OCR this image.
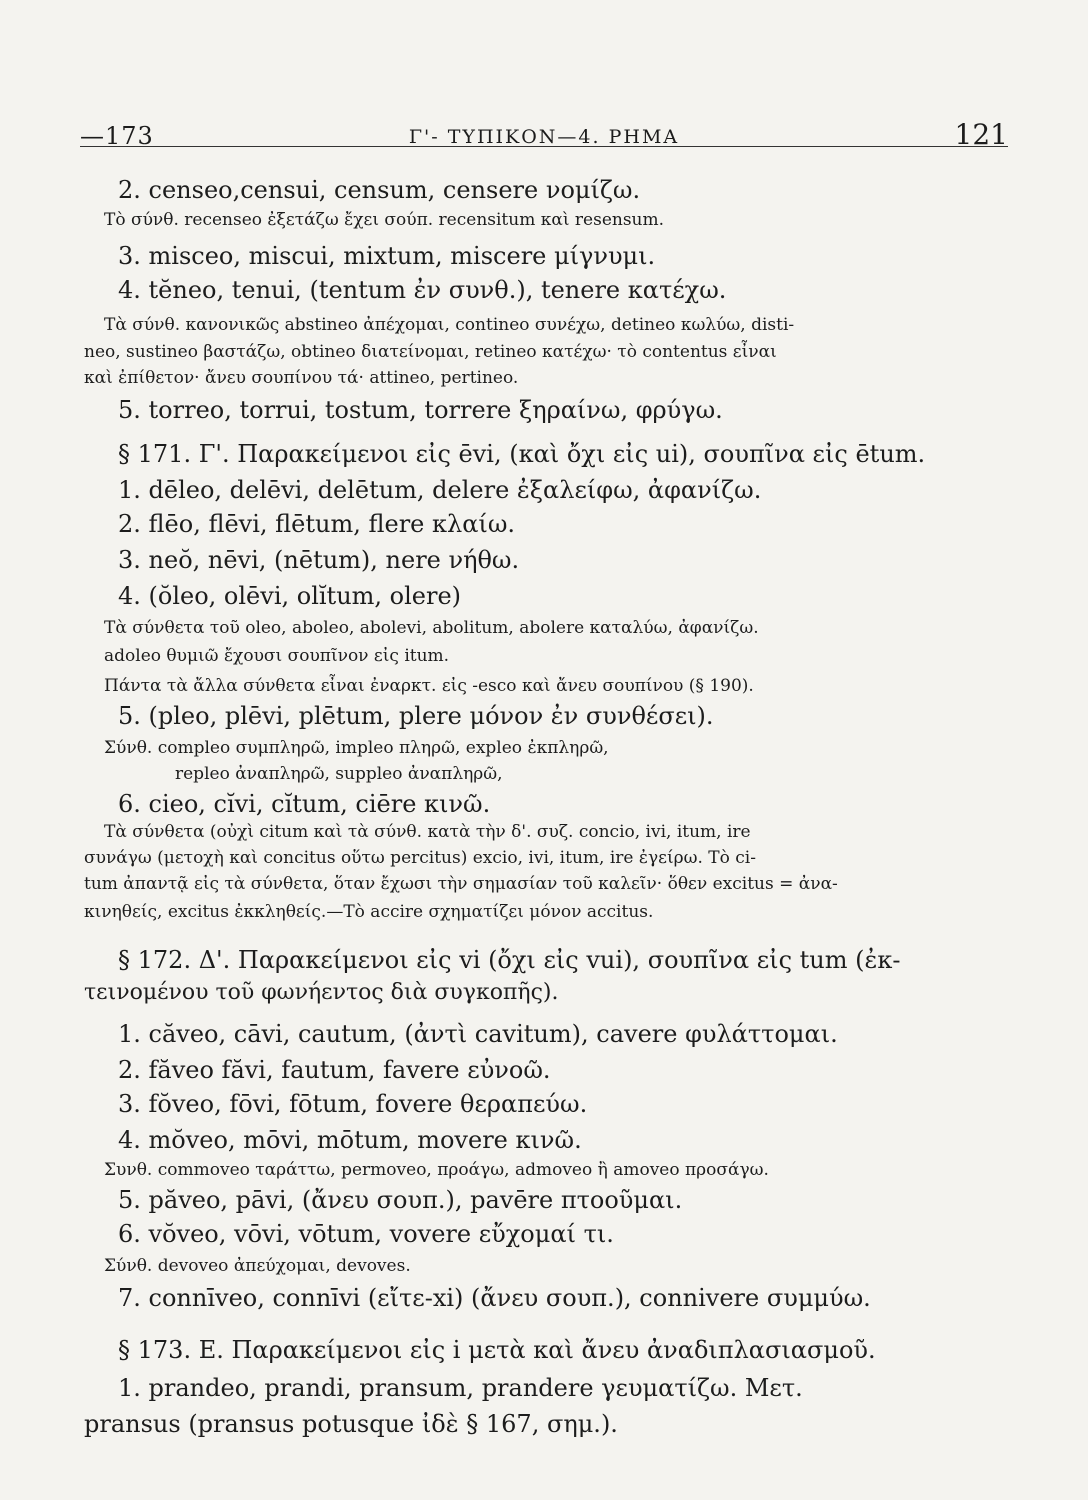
—173	Γ'- ΤΥΠΙΚΟΝ—4. ΡΗΜΑ	121
2. censeo,censui, censum, censere νομίζω.
Τὸ σύνθ. recenseo ἐξετάζω ἔχει σούπ. recensitum καὶ resensum.
3. misceo, miscui, mixtum, miscere μίγνυμι.
4. tĕneo, tenui, (tentum ἐν συνθ.), tenere κατέχω.
Τὰ σύνθ. κανονικῶς abstineo ἀπέχομαι, contineo συνέχω, detineo κωλύω, disti-
neo, sustineo βαστάζω, obtineo διατείνομαι, retineo κατέχω· τὸ contentus εἶναι
καὶ ἐπίθετον· ἄνευ σουπίνου τά· attineo, pertineo.
5. torreo, torrui, tostum, torrere ξηραίνω, φρύγω.
§ 171. Γ'. Παρακείμενοι εἰς ēvi, (καὶ ὄχι εἰς ui), σουπῖνα εἰς ētum.
1. dēleo, delēvi, delētum, delere ἐξαλείφω, ἀφανίζω.
2. flēo, flēvi, flētum, flere κλαίω.
3. neŏ, nēvi, (nētum), nere νήθω.
4. (ŏleo, olēvi, olĭtum, olere)
Τὰ σύνθετα τοῦ oleo, aboleo, abolevi, abolitum, abolere καταλύω, ἀφανίζω.
adoleo θυμιῶ ἔχουσι σουπῖνον εἰς itum.
Πάντα τὰ ἄλλα σύνθετα εἶναι ἐναρκτ. εἰς -esco καὶ ἄνευ σουπίνου (§ 190).
5. (pleo, plēvi, plētum, plere μόνον ἐν συνθέσει).
Σύνθ. compleo συμπληρῶ, impleo πληρῶ, expleo ἐκπληρῶ,
repleo ἀναπληρῶ, suppleo ἀναπληρῶ,
6. cieo, cĭvi, cĭtum, ciēre κινῶ.
Τὰ σύνθετα (οὐχὶ citum καὶ τὰ σύνθ. κατὰ τὴν δ'. συζ. concio, ivi, itum, ire
συνάγω (μετοχὴ καὶ concitus οὕτω percitus) excio, ivi, itum, ire ἐγείρω. Τὸ ci-
tum ἀπαντᾷ εἰς τὰ σύνθετα, ὅταν ἔχωσι τὴν σημασίαν τοῦ καλεῖν· ὅθεν excitus = ἀνα-
κινηθείς, excitus ἐκκληθείς.—Τὸ accire σχηματίζει μόνον accitus.
§ 172. Δ'. Παρακείμενοι εἰς vi (ὄχι εἰς vui), σουπῖνα εἰς tum (ἐκ-
τεινομένου τοῦ φωνήεντος διὰ συγκοπῆς).
1. căveo, cāvi, cautum, (ἀντὶ cavitum), cavere φυλάττομαι.
2. făveo făvi, fautum, favere εὐνοῶ.
3. fŏveo, fōvi, fōtum, fovere θεραπεύω.
4. mŏveo, mōvi, mōtum, movere κινῶ.
Συνθ. commoveo ταράττω, permoveo, προάγω, admoveo ἢ amoveo προσάγω.
5. păveo, pāvi, (ἄνευ σουπ.), pavēre πτοοῦμαι.
6. vŏveo, vōvi, vōtum, vovere εὔχομαί τι.
Σύνθ. devoveo ἀπεύχομαι, devoves.
7. connīveo, connīvi (εἴτε-xi) (ἄνευ σουπ.), connivere συμμύω.
§ 173. Ε. Παρακείμενοι εἰς i μετὰ καὶ ἄνευ ἀναδιπλασιασμοῦ.
1. prandeo, prandi, pransum, prandere γευματίζω. Μετ.
pransus (pransus potusque ἰδὲ § 167, σημ.).
